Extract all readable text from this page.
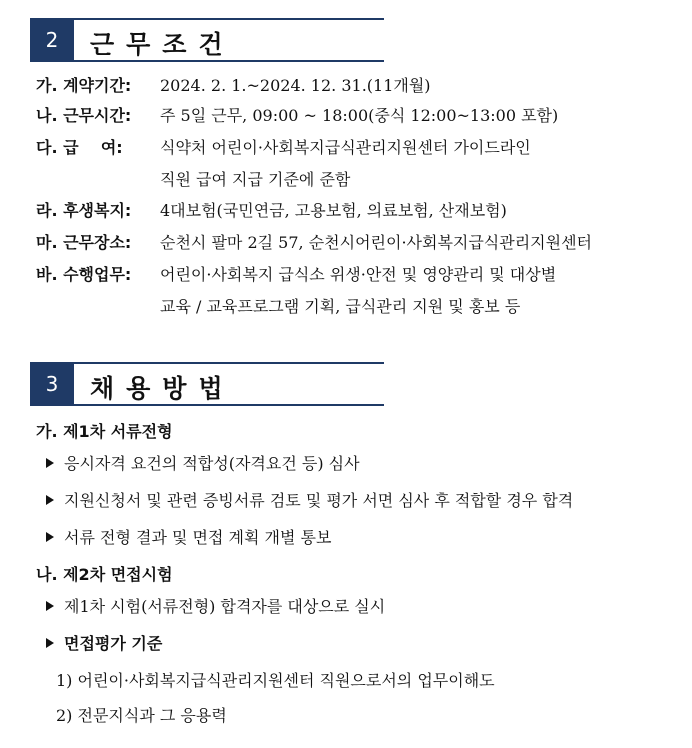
2	근무조건
가. 계약기간: 2024. 2. 1.~2024. 12. 31.(11개월)
나. 근무시간: 주 5일 근무, 09:00 ~ 18:00(중식 12:00~13:00 포함)
다. 급    여: 식약처 어린이·사회복지급식관리지원센터 가이드라인
직원 급여 지급 기준에 준함
라. 후생복지: 4대보험(국민연금, 고용보험, 의료보험, 산재보험)
마. 근무장소: 순천시 팔마 2길 57, 순천시어린이·사회복지급식관리지원센터
바. 수행업무: 어린이·사회복지 급식소 위생·안전 및 영양관리 및 대상별
교육 / 교육프로그램 기획, 급식관리 지원 및 홍보 등
3	채용방법
가. 제1차 서류전형
응시자격 요건의 적합성(자격요건 등) 심사
지원신청서 및 관련 증빙서류 검토 및 평가 서면 심사 후 적합할 경우 합격
서류 전형 결과 및 면접 계획 개별 통보
나. 제2차 면접시험
제1차 시험(서류전형) 합격자를 대상으로 실시
면접평가 기준
1) 어린이·사회복지급식관리지원센터 직원으로서의 업무이해도
2) 전문지식과 그 응용력
